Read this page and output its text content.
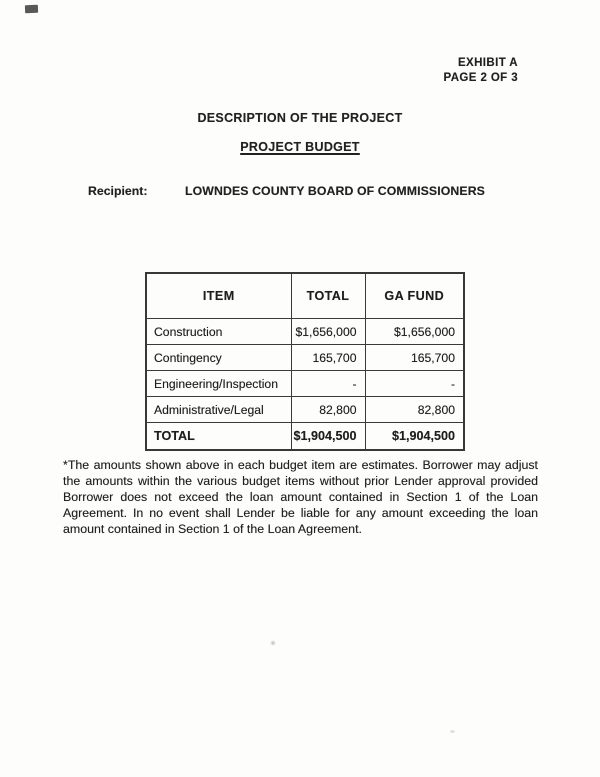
EXHIBIT A
PAGE 2 OF 3
DESCRIPTION OF THE PROJECT
PROJECT BUDGET
Recipient:	LOWNDES COUNTY BOARD OF COMMISSIONERS
ITEM	TOTAL	GA FUND
Construction	$1,656,000	$1,656,000
Contingency	165,700	165,700
Engineering/Inspection	-	-
Administrative/Legal	82,800	82,800
TOTAL	$1,904,500	$1,904,500

*The amounts shown above in each budget item are estimates. Borrower may adjust the amounts within the various budget items without prior Lender approval provided Borrower does not exceed the loan amount contained in Section 1 of the Loan Agreement. In no event shall Lender be liable for any amount exceeding the loan amount contained in Section 1 of the Loan Agreement.
